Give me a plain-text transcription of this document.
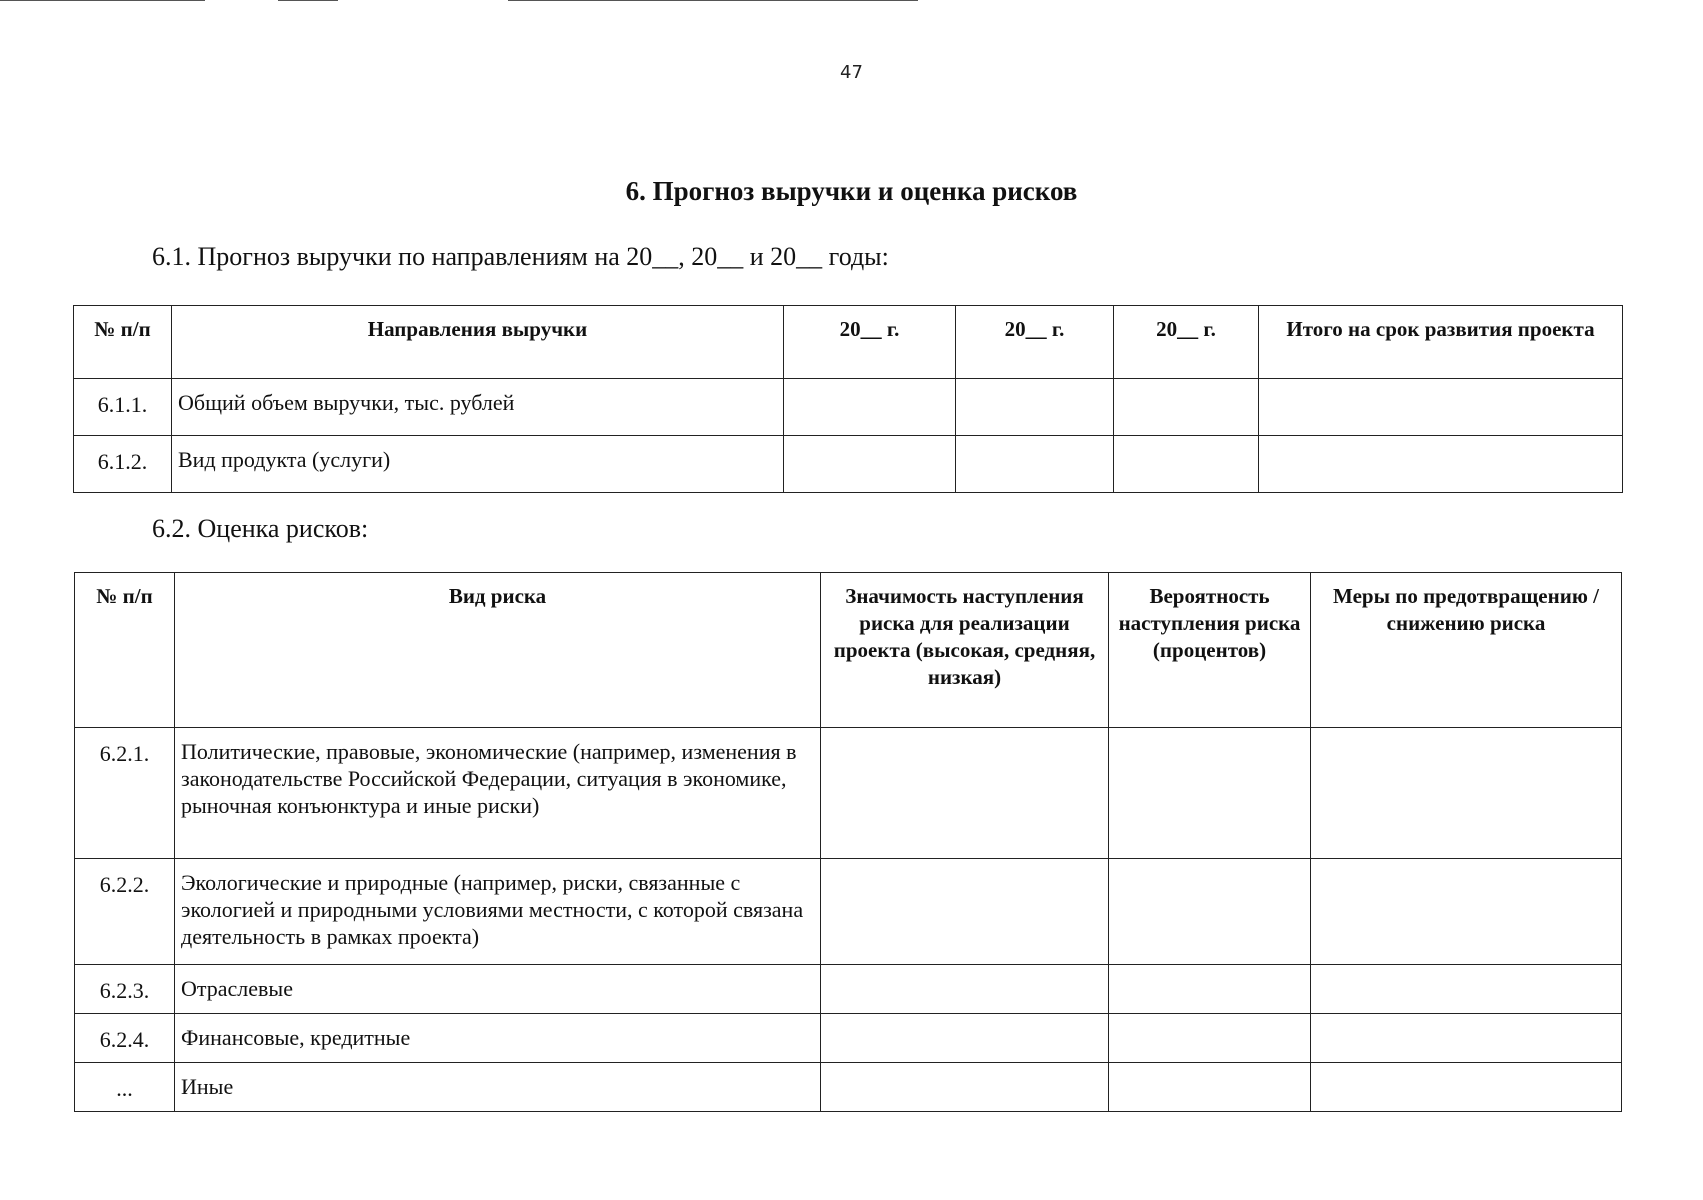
47
6. Прогноз выручки и оценка рисков
6.1. Прогноз выручки по направлениям на 20__, 20__ и 20__ годы:
№ п/п	Направления выручки	20__ г.	20__ г.	20__ г.	Итого на срок развития проекта
6.1.1.	Общий объем выручки, тыс. рублей				
6.1.2.	Вид продукта (услуги)				
6.2. Оценка рисков:
№ п/п	Вид риска	Значимость наступления риска для реализации проекта (высокая, средняя, низкая)	Вероятность наступления риска (процентов)	Меры по предотвращению / снижению риска
6.2.1.	Политические, правовые, экономические (например, изменения в законодательстве Российской Федерации, ситуация в экономике, рыночная конъюнктура и иные риски)			
6.2.2.	Экологические и природные (например, риски, связанные с экологией и природными условиями местности, с которой связана деятельность в рамках проекта)			
6.2.3.	Отраслевые			
6.2.4.	Финансовые, кредитные			
...	Иные			
